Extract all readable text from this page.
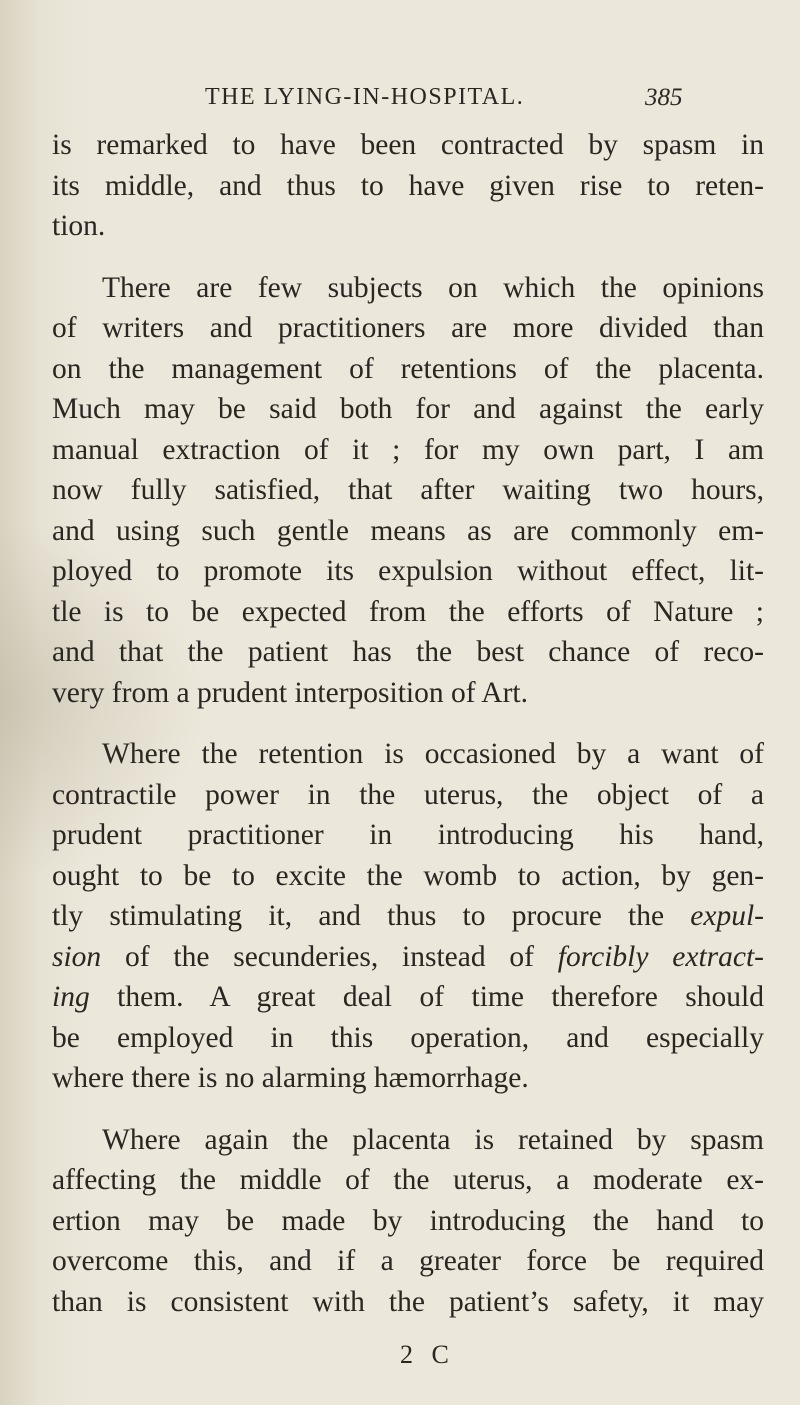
THE LYING-IN-HOSPITAL.	385

is remarked to have been contracted by spasm in
its middle, and thus to have given rise to reten-
tion.

There are few subjects on which the opinions
of writers and practitioners are more divided than
on the management of retentions of the placenta.
Much may be said both for and against the early
manual extraction of it ; for my own part, I am
now fully satisfied, that after waiting two hours,
and using such gentle means as are commonly em-
ployed to promote its expulsion without effect, lit-
tle is to be expected from the efforts of Nature ;
and that the patient has the best chance of reco-
very from a prudent interposition of Art.

Where the retention is occasioned by a want of
contractile power in the uterus, the object of a
prudent practitioner in introducing his hand,
ought to be to excite the womb to action, by gen-
tly stimulating it, and thus to procure the expul-
sion of the secunderies, instead of forcibly extract-
ing them. A great deal of time therefore should
be employed in this operation, and especially
where there is no alarming hæmorrhage.

Where again the placenta is retained by spasm
affecting the middle of the uterus, a moderate ex-
ertion may be made by introducing the hand to
overcome this, and if a greater force be required
than is consistent with the patient’s safety, it may

2 C
